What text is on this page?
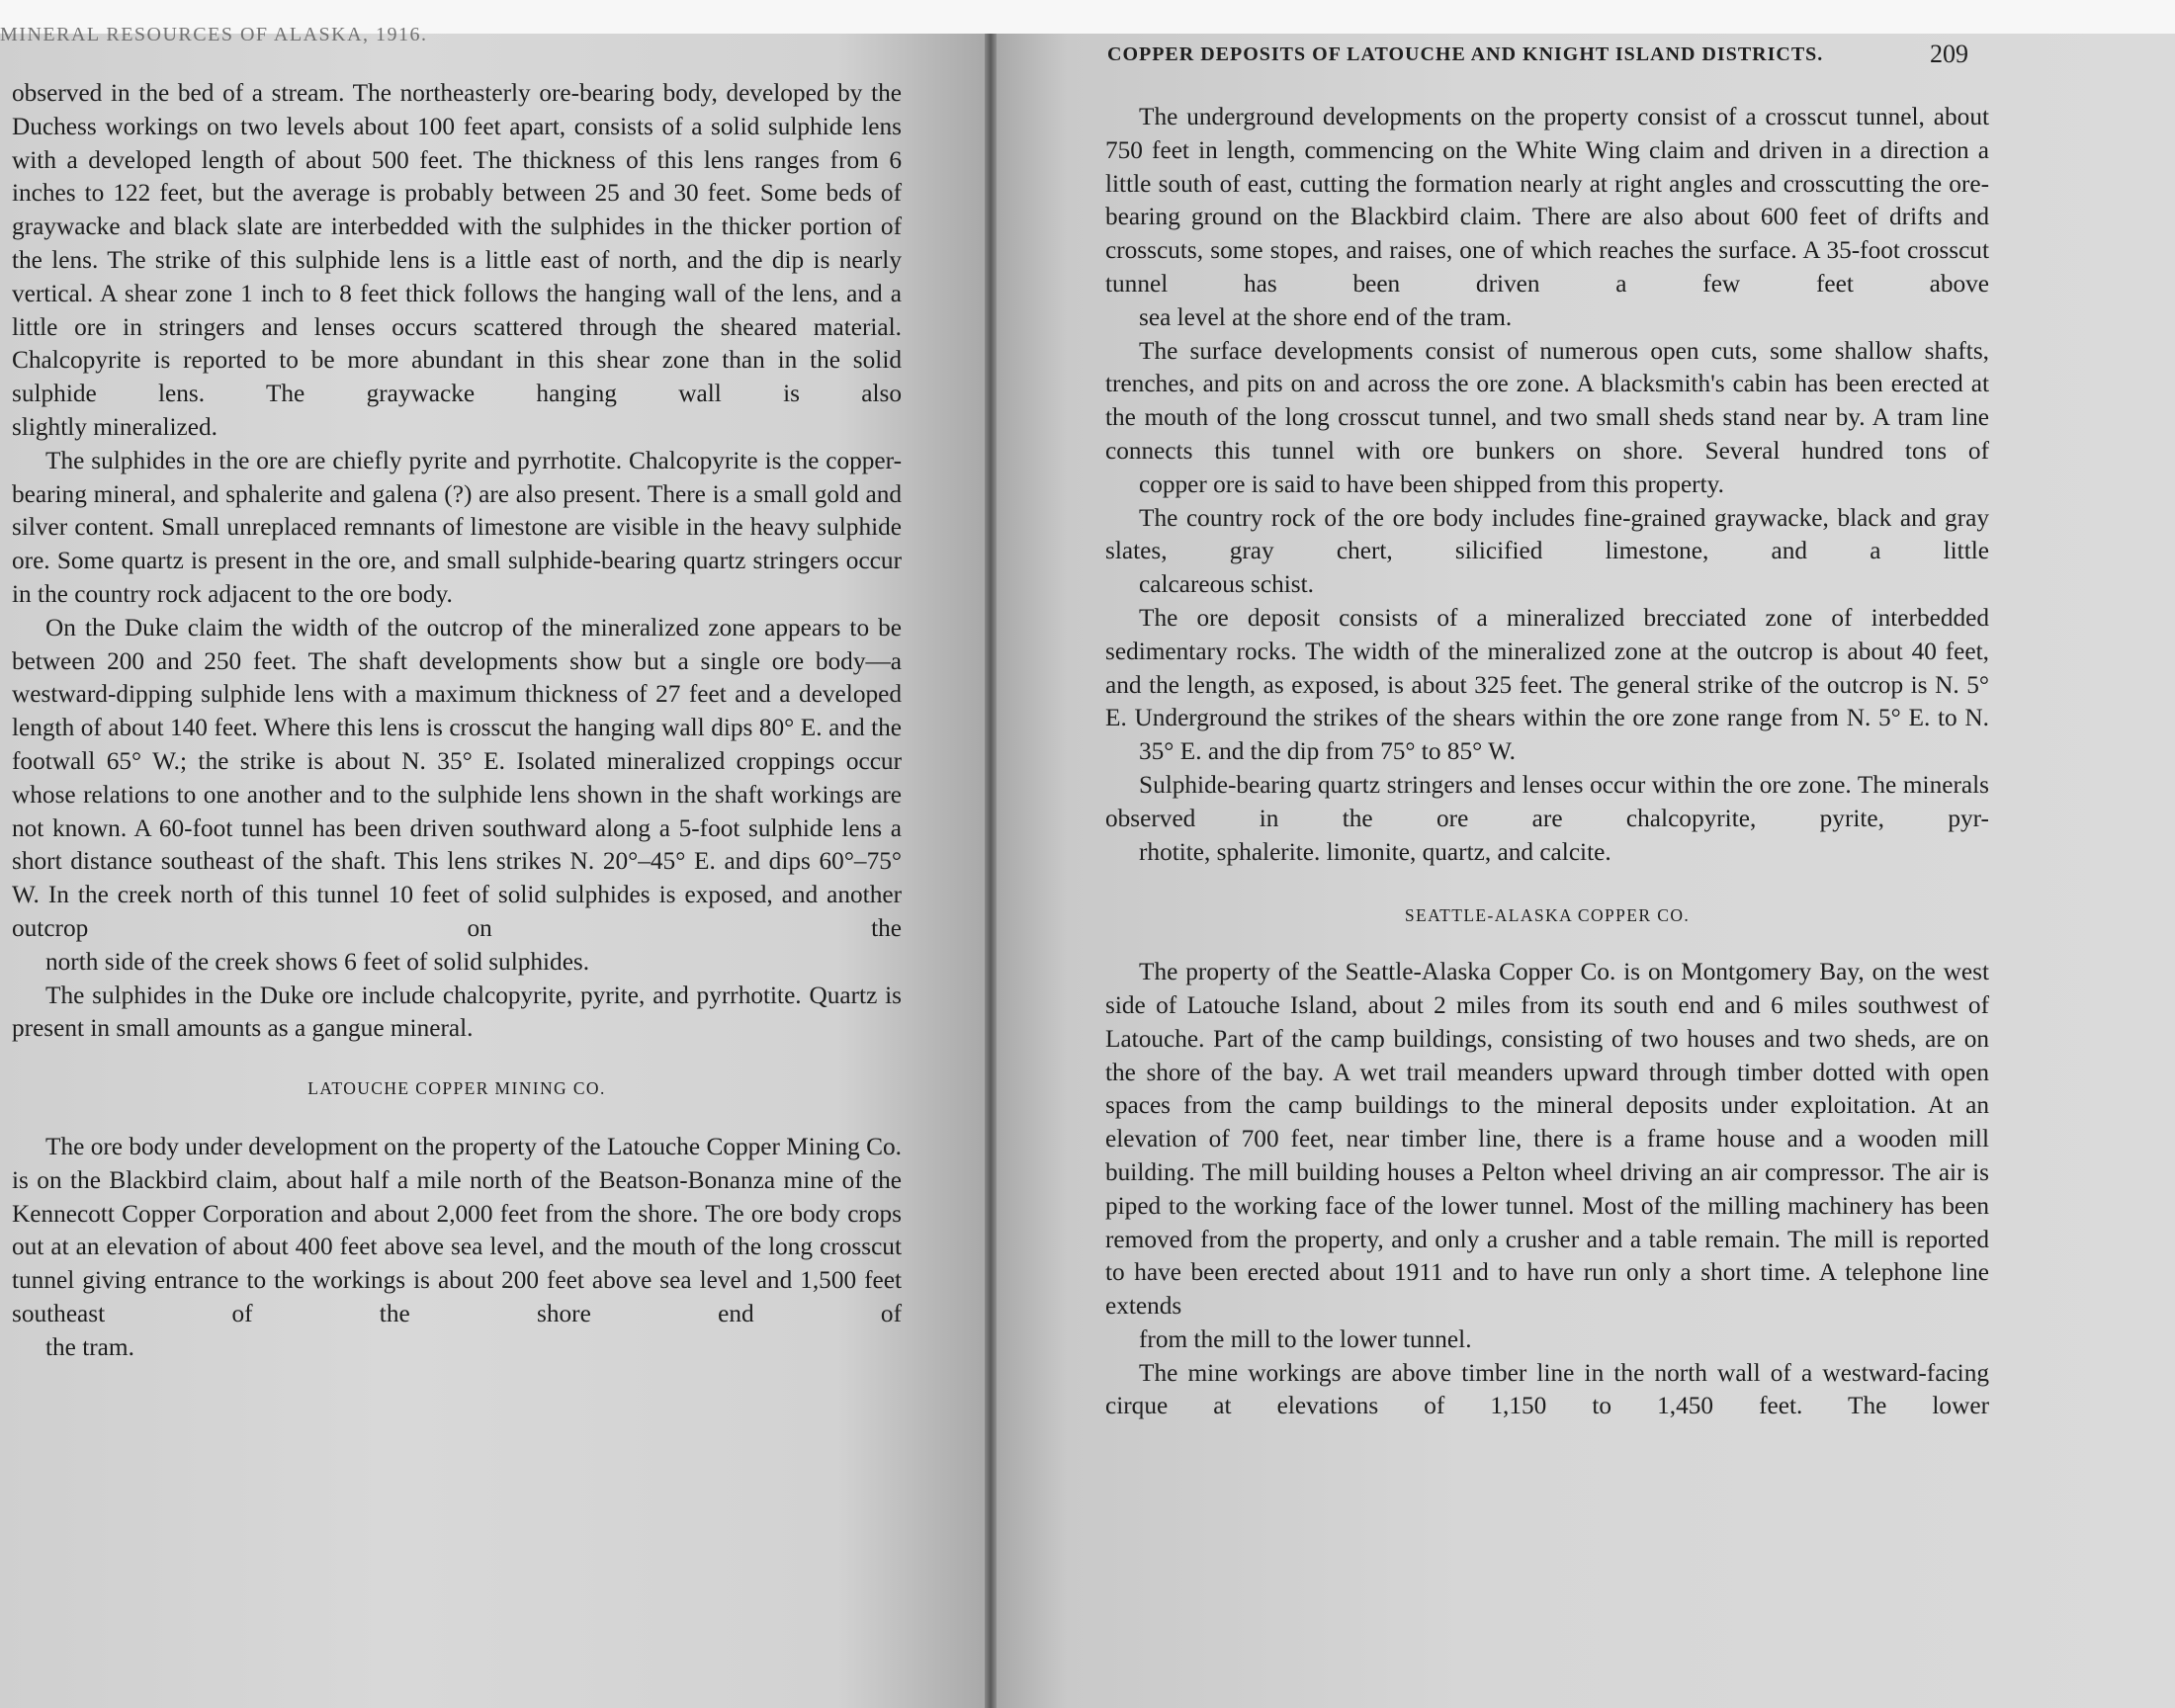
MINERAL RESOURCES OF ALASKA, 1916.

observed in the bed of a stream. The northeasterly ore-bearing body, developed by the Duchess workings on two levels about 100 feet apart, consists of a solid sulphide lens with a developed length of about 500 feet. The thickness of this lens ranges from 6 inches to 122 feet, but the average is probably between 25 and 30 feet. Some beds of graywacke and black slate are interbedded with the sulphides in the thicker portion of the lens. The strike of this sulphide lens is a little east of north, and the dip is nearly vertical. A shear zone 1 inch to 8 feet thick follows the hanging wall of the lens, and a little ore in stringers and lenses occurs scattered through the sheared material. Chalcopyrite is reported to be more abundant in this shear zone than in the solid sulphide lens. The graywacke hanging wall is also
slightly mineralized.

The sulphides in the ore are chiefly pyrite and pyrrhotite. Chalcopyrite is the copper-bearing mineral, and sphalerite and galena (?) are also present. There is a small gold and silver content. Small unreplaced remnants of limestone are visible in the heavy sulphide ore. Some quartz is present in the ore, and small sulphide-bearing quartz stringers occur in the country rock adjacent to the ore body.

On the Duke claim the width of the outcrop of the mineralized zone appears to be between 200 and 250 feet. The shaft developments show but a single ore body—a westward-dipping sulphide lens with a maximum thickness of 27 feet and a developed length of about 140 feet. Where this lens is crosscut the hanging wall dips 80° E. and the footwall 65° W.; the strike is about N. 35° E. Isolated mineralized croppings occur whose relations to one another and to the sulphide lens shown in the shaft workings are not known. A 60-foot tunnel has been driven southward along a 5-foot sulphide lens a short distance southeast of the shaft. This lens strikes N. 20°–45° E. and dips 60°–75° W. In the creek north of this tunnel 10 feet of solid sulphides is exposed, and another outcrop on the
north side of the creek shows 6 feet of solid sulphides.

The sulphides in the Duke ore include chalcopyrite, pyrite, and pyrrhotite. Quartz is present in small amounts as a gangue mineral.

LATOUCHE COPPER MINING CO.

The ore body under development on the property of the Latouche Copper Mining Co. is on the Blackbird claim, about half a mile north of the Beatson-Bonanza mine of the Kennecott Copper Corporation and about 2,000 feet from the shore. The ore body crops out at an elevation of about 400 feet above sea level, and the mouth of the long crosscut tunnel giving entrance to the workings is about 200 feet above sea level and 1,500 feet southeast of the shore end of
the tram.

COPPER DEPOSITS OF LATOUCHE AND KNIGHT ISLAND DISTRICTS.	209

The underground developments on the property consist of a crosscut tunnel, about 750 feet in length, commencing on the White Wing claim and driven in a direction a little south of east, cutting the formation nearly at right angles and crosscutting the ore-bearing ground on the Blackbird claim. There are also about 600 feet of drifts and crosscuts, some stopes, and raises, one of which reaches the surface. A 35-foot crosscut tunnel has been driven a few feet above
sea level at the shore end of the tram.

The surface developments consist of numerous open cuts, some shallow shafts, trenches, and pits on and across the ore zone. A blacksmith's cabin has been erected at the mouth of the long crosscut tunnel, and two small sheds stand near by. A tram line connects this tunnel with ore bunkers on shore. Several hundred tons of
copper ore is said to have been shipped from this property.

The country rock of the ore body includes fine-grained graywacke, black and gray slates, gray chert, silicified limestone, and a little
calcareous schist.

The ore deposit consists of a mineralized brecciated zone of interbedded sedimentary rocks. The width of the mineralized zone at the outcrop is about 40 feet, and the length, as exposed, is about 325 feet. The general strike of the outcrop is N. 5° E. Underground the strikes of the shears within the ore zone range from N. 5° E. to N.
35° E. and the dip from 75° to 85° W.

Sulphide-bearing quartz stringers and lenses occur within the ore zone. The minerals observed in the ore are chalcopyrite, pyrite, pyr-
rhotite, sphalerite. limonite, quartz, and calcite.

SEATTLE-ALASKA COPPER CO.

The property of the Seattle-Alaska Copper Co. is on Montgomery Bay, on the west side of Latouche Island, about 2 miles from its south end and 6 miles southwest of Latouche. Part of the camp buildings, consisting of two houses and two sheds, are on the shore of the bay. A wet trail meanders upward through timber dotted with open spaces from the camp buildings to the mineral deposits under exploitation. At an elevation of 700 feet, near timber line, there is a frame house and a wooden mill building. The mill building houses a Pelton wheel driving an air compressor. The air is piped to the working face of the lower tunnel. Most of the milling machinery has been removed from the property, and only a crusher and a table remain. The mill is reported to have been erected about 1911 and to have run only a short time. A telephone line extends
from the mill to the lower tunnel.

The mine workings are above timber line in the north wall of a westward-facing cirque at elevations of 1,150 to 1,450 feet. The lower
